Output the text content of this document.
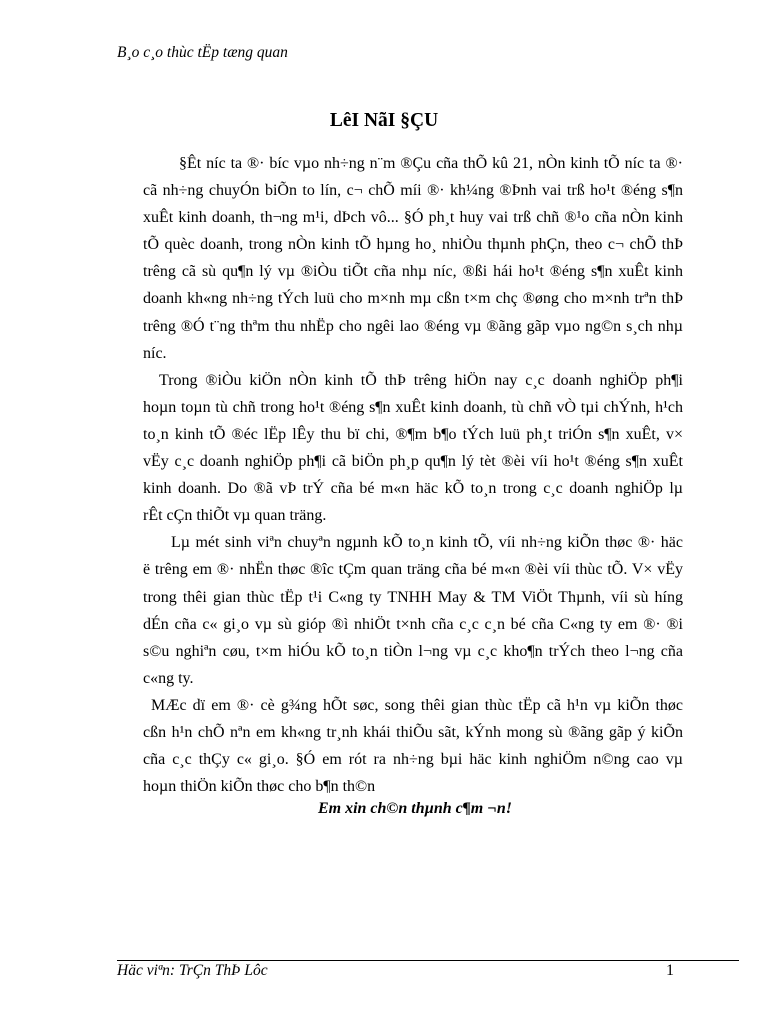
B¸o c¸o thùc tËp tæng quan
LêI NãI §ÇU
§Êt níc ta ®· bíc vµo nh÷ng n¨m ®Çu cña thÕ kû 21, nÒn kinh tÕ níc ta ®·
cã nh÷ng chuyÓn biÕn to lín, c¬ chÕ míi ®· kh¼ng ®Þnh vai trß ho¹t ®éng s¶n
xuÊt kinh doanh, th¬ng m¹i, dÞch vô... §Ó ph¸t huy vai trß chñ ®¹o cña nÒn kinh
tÕ quèc doanh, trong nÒn kinh tÕ hµng ho¸ nhiÒu thµnh phÇn, theo c¬ chÕ thÞ
trêng cã sù qu¶n lý vµ ®iÒu tiÕt cña nhµ níc, ®ßi hái ho¹t ®éng s¶n xuÊt kinh
doanh kh«ng nh÷ng tÝch luü cho m×nh mµ cßn t×m chç ®øng cho m×nh trªn thÞ
trêng ®Ó t¨ng thªm thu nhËp cho ngêi lao ®éng vµ ®ãng gãp vµo ng©n s¸ch nhµ
níc.
Trong ®iÒu kiÖn nÒn kinh tÕ thÞ trêng hiÖn nay c¸c doanh nghiÖp ph¶i
hoµn toµn tù chñ trong ho¹t ®éng s¶n xuÊt kinh doanh, tù chñ vÒ tµi chÝnh, h¹ch
to¸n kinh tÕ ®éc lËp lÊy thu bï chi, ®¶m b¶o tÝch luü ph¸t triÓn s¶n xuÊt, v×
vËy c¸c doanh nghiÖp ph¶i cã biÖn ph¸p qu¶n lý tèt ®èi víi ho¹t ®éng s¶n xuÊt
kinh doanh. Do ®ã vÞ trÝ cña bé m«n häc kÕ to¸n trong c¸c doanh nghiÖp lµ
rÊt cÇn thiÕt vµ quan träng.
Lµ mét sinh viªn chuyªn ngµnh kÕ to¸n kinh tÕ, víi nh÷ng kiÕn thøc ®· häc
ë trêng em ®· nhËn thøc ®îc tÇm quan träng cña bé m«n ®èi víi thùc tÕ. V× vËy
trong thêi gian thùc tËp t¹i C«ng ty TNHH May & TM ViÖt Thµnh, víi sù híng
dÉn cña c« gi¸o vµ sù gióp ®ì nhiÖt t×nh cña c¸c c¸n bé cña C«ng ty em ®· ®i
s©u nghiªn cøu, t×m hiÓu kÕ to¸n tiÒn l¬ng vµ c¸c kho¶n trÝch theo l¬ng cña
c«ng ty.
MÆc dï em ®· cè g¾ng hÕt søc, song thêi gian thùc tËp cã h¹n vµ kiÕn thøc
cßn h¹n chÕ nªn em kh«ng tr¸nh khái thiÕu sãt, kÝnh mong sù ®ãng gãp ý kiÕn
cña c¸c thÇy c« gi¸o. §Ó em rót ra nh÷ng bµi häc kinh nghiÖm n©ng cao vµ
hoµn thiÖn kiÕn thøc cho b¶n th©n
Em xin ch©n thµnh c¶m ¬n!
Häc viªn: TrÇn ThÞ Lôc	1
